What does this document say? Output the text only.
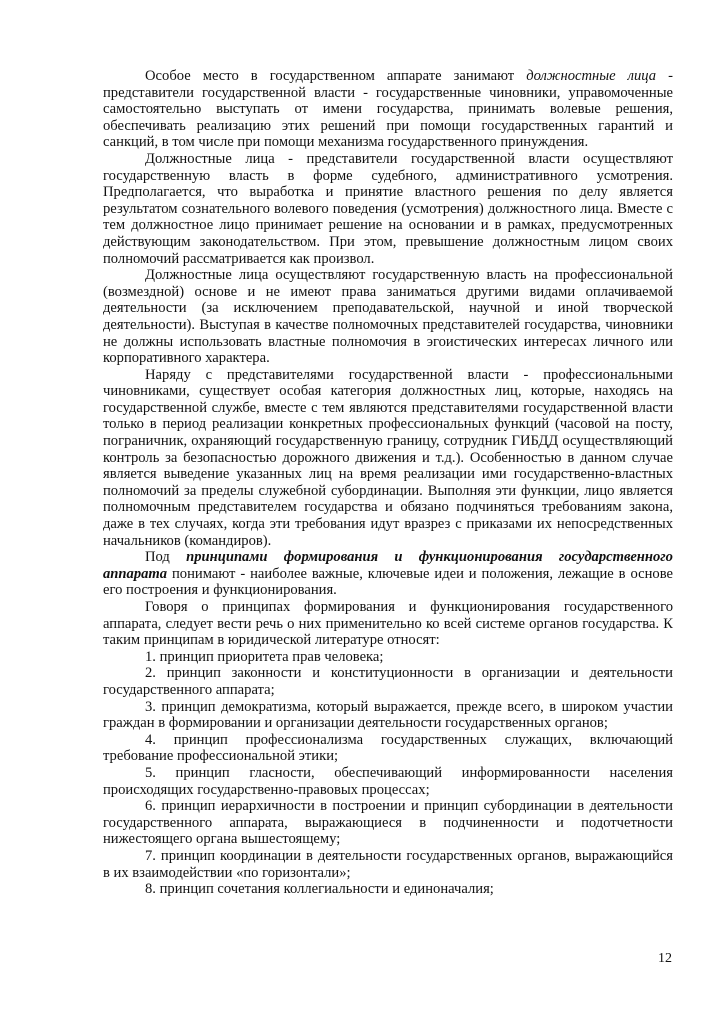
Особое место в государственном аппарате занимают должностные лица - представители государственной власти - государственные чиновники, управомоченные самостоятельно выступать от имени государства, принимать волевые решения, обеспечивать реализацию этих решений при помощи государственных гарантий и санкций, в том числе при помощи механизма государственного принуждения.

Должностные лица - представители государственной власти осуществляют государственную власть в форме судебного, административного усмотрения. Предполагается, что выработка и принятие властного решения по делу является результатом сознательного волевого поведения (усмотрения) должностного лица. Вместе с тем должностное лицо принимает решение на основании и в рамках, предусмотренных действующим законодательством. При этом, превышение должностным лицом своих полномочий рассматривается как произвол.

Должностные лица осуществляют государственную власть на профессиональной (возмездной) основе и не имеют права заниматься другими видами оплачиваемой деятельности (за исключением преподавательской, научной и иной творческой деятельности). Выступая в качестве полномочных представителей государства, чиновники не должны использовать властные полномочия в эгоистических интересах личного или корпоративного характера.

Наряду с представителями государственной власти - профессиональными чиновниками, существует особая категория должностных лиц, которые, находясь на государственной службе, вместе с тем являются представителями государственной власти только в период реализации конкретных профессиональных функций (часовой на посту, пограничник, охраняющий государственную границу, сотрудник ГИБДД осуществляющий контроль за безопасностью дорожного движения и т.д.). Особенностью в данном случае является выведение указанных лиц на время реализации ими государственно-властных полномочий за пределы служебной субординации. Выполняя эти функции, лицо является полномочным представителем государства и обязано подчиняться требованиям закона, даже в тех случаях, когда эти требования идут вразрез с приказами их непосредственных начальников (командиров).

Под принципами формирования и функционирования государственного аппарата понимают - наиболее важные, ключевые идеи и положения, лежащие в основе его построения и функционирования.

Говоря о принципах формирования и функционирования государственного аппарата, следует вести речь о них применительно ко всей системе органов государства. К таким принципам в юридической литературе относят:

1. принцип приоритета прав человека;

2. принцип законности и конституционности в организации и деятельности государственного аппарата;

3. принцип демократизма, который выражается, прежде всего, в широком участии граждан в формировании и организации деятельности государственных органов;

4. принцип профессионализма государственных служащих, включающий требование профессиональной этики;

5. принцип гласности, обеспечивающий информированности населения происходящих государственно-правовых процессах;

6. принцип иерархичности в построении и принцип субординации в деятельности государственного аппарата, выражающиеся в подчиненности и подотчетности нижестоящего органа вышестоящему;

7. принцип координации в деятельности государственных органов, выражающийся в их взаимодействии «по горизонтали»;

8. принцип сочетания коллегиальности и единоначалия;

12
